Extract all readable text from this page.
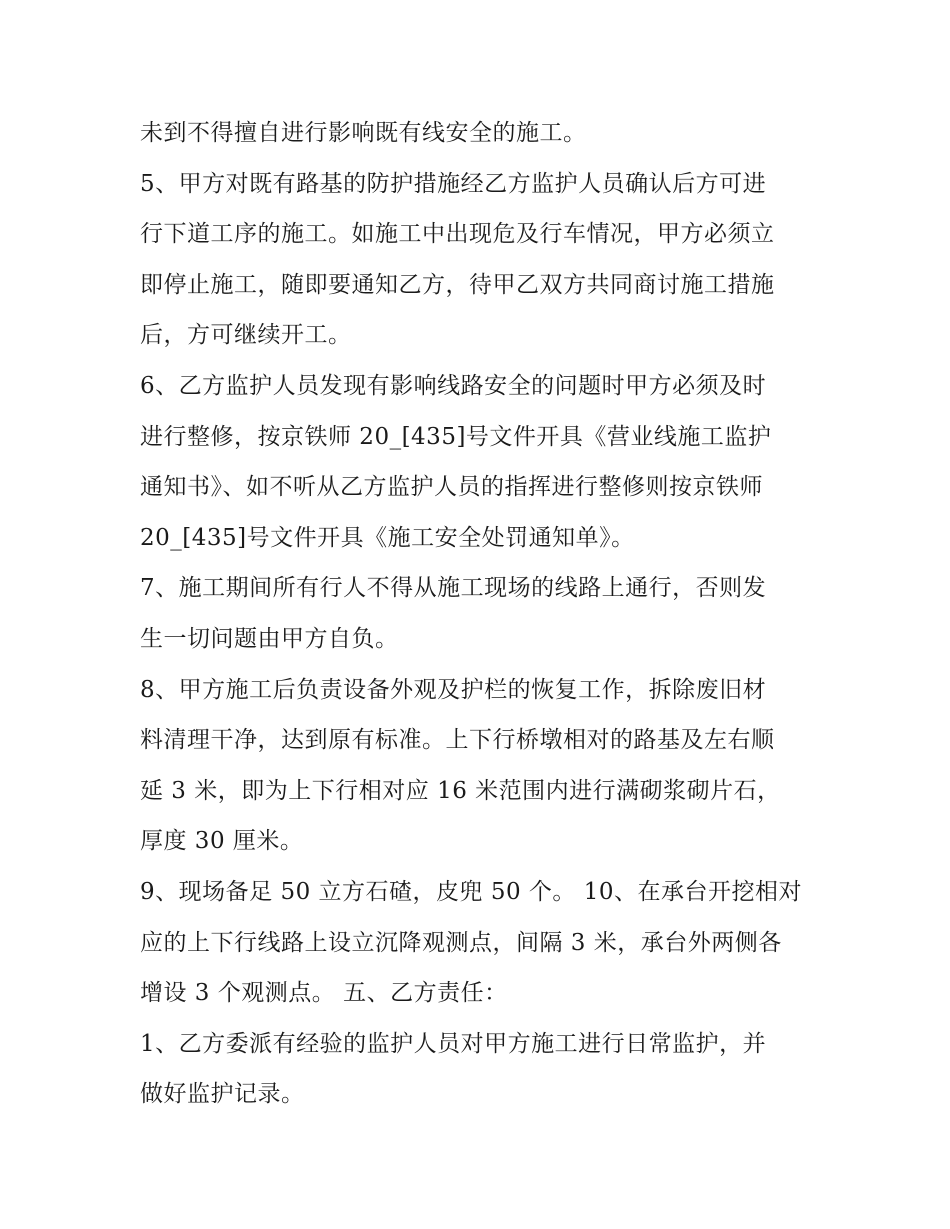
未到不得擅自进行影响既有线安全的施工。

5、甲方对既有路基的防护措施经乙方监护人员确认后方可进
行下道工序的施工。如施工中出现危及行车情况，甲方必须立
即停止施工，随即要通知乙方，待甲乙双方共同商讨施工措施
后，方可继续开工。

6、乙方监护人员发现有影响线路安全的问题时甲方必须及时
进行整修，按京铁师 20_[435]号文件开具《营业线施工监护
通知书》、如不听从乙方监护人员的指挥进行整修则按京铁师
20_[435]号文件开具《施工安全处罚通知单》。

7、施工期间所有行人不得从施工现场的线路上通行，否则发
生一切问题由甲方自负。

8、甲方施工后负责设备外观及护栏的恢复工作，拆除废旧材
料清理干净，达到原有标准。上下行桥墩相对的路基及左右顺
延 3 米，即为上下行相对应 16 米范围内进行满砌浆砌片石，
厚度 30 厘米。

9、现场备足 50 立方石碴，皮兜 50 个。 10、在承台开挖相对
应的上下行线路上设立沉降观测点，间隔 3 米，承台外两侧各
增设 3 个观测点。 五、乙方责任：

1、乙方委派有经验的监护人员对甲方施工进行日常监护，并
做好监护记录。
